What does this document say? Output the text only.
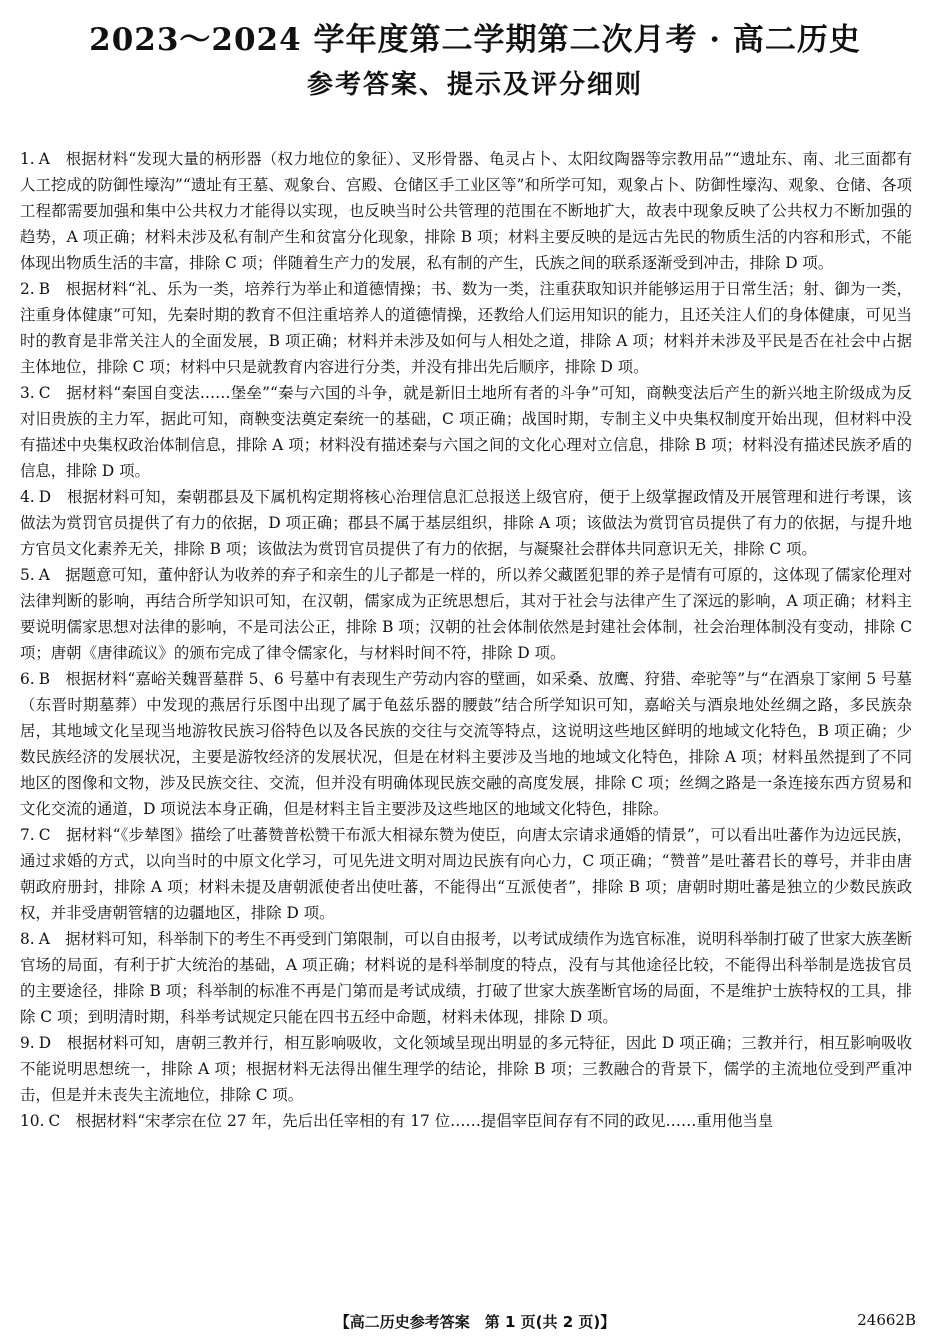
2023～2024 学年度第二学期第二次月考 · 高二历史
参考答案、提示及评分细则

1. A　 根据材料“发现大量的柄形器（权力地位的象征）、叉形骨器、龟灵占卜、太阳纹陶器等宗教用品”“遗址东、南、北三面都有人工挖成的防御性壕沟”“遗址有王墓、观象台、宫殿、仓储区手工业区等”和所学可知，观象占卜、防御性壕沟、观象、仓储、各项工程都需要加强和集中公共权力才能得以实现，也反映当时公共管理的范围在不断地扩大，故表中现象反映了公共权力不断加强的趋势，A 项正确；材料未涉及私有制产生和贫富分化现象，排除 B 项；材料主要反映的是远古先民的物质生活的内容和形式，不能体现出物质生活的丰富，排除 C 项；伴随着生产力的发展，私有制的产生，氏族之间的联系逐渐受到冲击，排除 D 项。

2. B　 根据材料“礼、乐为一类，培养行为举止和道德情操；书、数为一类，注重获取知识并能够运用于日常生活；射、御为一类，注重身体健康”可知，先秦时期的教育不但注重培养人的道德情操，还教给人们运用知识的能力，且还关注人们的身体健康，可见当时的教育是非常关注人的全面发展，B 项正确；材料并未涉及如何与人相处之道，排除 A 项；材料并未涉及平民是否在社会中占据主体地位，排除 C 项；材料中只是就教育内容进行分类，并没有排出先后顺序，排除 D 项。

3. C　 据材料“秦国自变法……堡垒”“秦与六国的斗争，就是新旧土地所有者的斗争”可知，商鞅变法后产生的新兴地主阶级成为反对旧贵族的主力军，据此可知，商鞅变法奠定秦统一的基础，C 项正确；战国时期，专制主义中央集权制度开始出现，但材料中没有描述中央集权政治体制信息，排除 A 项；材料没有描述秦与六国之间的文化心理对立信息，排除 B 项；材料没有描述民族矛盾的信息，排除 D 项。

4. D　 根据材料可知，秦朝郡县及下属机构定期将核心治理信息汇总报送上级官府，便于上级掌握政情及开展管理和进行考课，该做法为赏罚官员提供了有力的依据，D 项正确；郡县不属于基层组织，排除 A 项；该做法为赏罚官员提供了有力的依据，与提升地方官员文化素养无关，排除 B 项；该做法为赏罚官员提供了有力的依据，与凝聚社会群体共同意识无关，排除 C 项。

5. A　 据题意可知，董仲舒认为收养的弃子和亲生的儿子都是一样的，所以养父藏匿犯罪的养子是情有可原的，这体现了儒家伦理对法律判断的影响，再结合所学知识可知，在汉朝，儒家成为正统思想后，其对于社会与法律产生了深远的影响，A 项正确；材料主要说明儒家思想对法律的影响，不是司法公正，排除 B 项；汉朝的社会体制依然是封建社会体制，社会治理体制没有变动，排除 C 项；唐朝《唐律疏议》的颁布完成了律令儒家化，与材料时间不符，排除 D 项。

6. B　 根据材料“嘉峪关魏晋墓群 5、6 号墓中有表现生产劳动内容的壁画，如采桑、放鹰、狩猎、牵驼等”与“在酒泉丁家闸 5 号墓（东晋时期墓葬）中发现的燕居行乐图中出现了属于龟兹乐器的腰鼓”结合所学知识可知，嘉峪关与酒泉地处丝绸之路，多民族杂居，其地域文化呈现当地游牧民族习俗特色以及各民族的交往与交流等特点，这说明这些地区鲜明的地域文化特色，B 项正确；少数民族经济的发展状况，主要是游牧经济的发展状况，但是在材料主要涉及当地的地域文化特色，排除 A 项；材料虽然提到了不同地区的图像和文物，涉及民族交往、交流，但并没有明确体现民族交融的高度发展，排除 C 项；丝绸之路是一条连接东西方贸易和文化交流的通道，D 项说法本身正确，但是材料主旨主要涉及这些地区的地域文化特色，排除。

7. C　 据材料“《步辇图》描绘了吐蕃赞普松赞干布派大相禄东赞为使臣，向唐太宗请求通婚的情景”，可以看出吐蕃作为边远民族，通过求婚的方式，以向当时的中原文化学习，可见先进文明对周边民族有向心力，C 项正确；“赞普”是吐蕃君长的尊号，并非由唐朝政府册封，排除 A 项；材料未提及唐朝派使者出使吐蕃，不能得出“互派使者”，排除 B 项；唐朝时期吐蕃是独立的少数民族政权，并非受唐朝管辖的边疆地区，排除 D 项。

8. A　 据材料可知，科举制下的考生不再受到门第限制，可以自由报考，以考试成绩作为选官标准，说明科举制打破了世家大族垄断官场的局面，有利于扩大统治的基础，A 项正确；材料说的是科举制度的特点，没有与其他途径比较，不能得出科举制是选拔官员的主要途径，排除 B 项；科举制的标准不再是门第而是考试成绩，打破了世家大族垄断官场的局面，不是维护士族特权的工具，排除 C 项；到明清时期，科举考试规定只能在四书五经中命题，材料未体现，排除 D 项。

9. D　 根据材料可知，唐朝三教并行，相互影响吸收，文化领域呈现出明显的多元特征，因此 D 项正确；三教并行，相互影响吸收不能说明思想统一，排除 A 项；根据材料无法得出催生理学的结论，排除 B 项；三教融合的背景下，儒学的主流地位受到严重冲击，但是并未丧失主流地位，排除 C 项。

10. C　 根据材料“宋孝宗在位 27 年，先后出任宰相的有 17 位……提倡宰臣间存有不同的政见……重用他当皇

【高二历史参考答案　第 1 页(共 2 页)】	24662B
